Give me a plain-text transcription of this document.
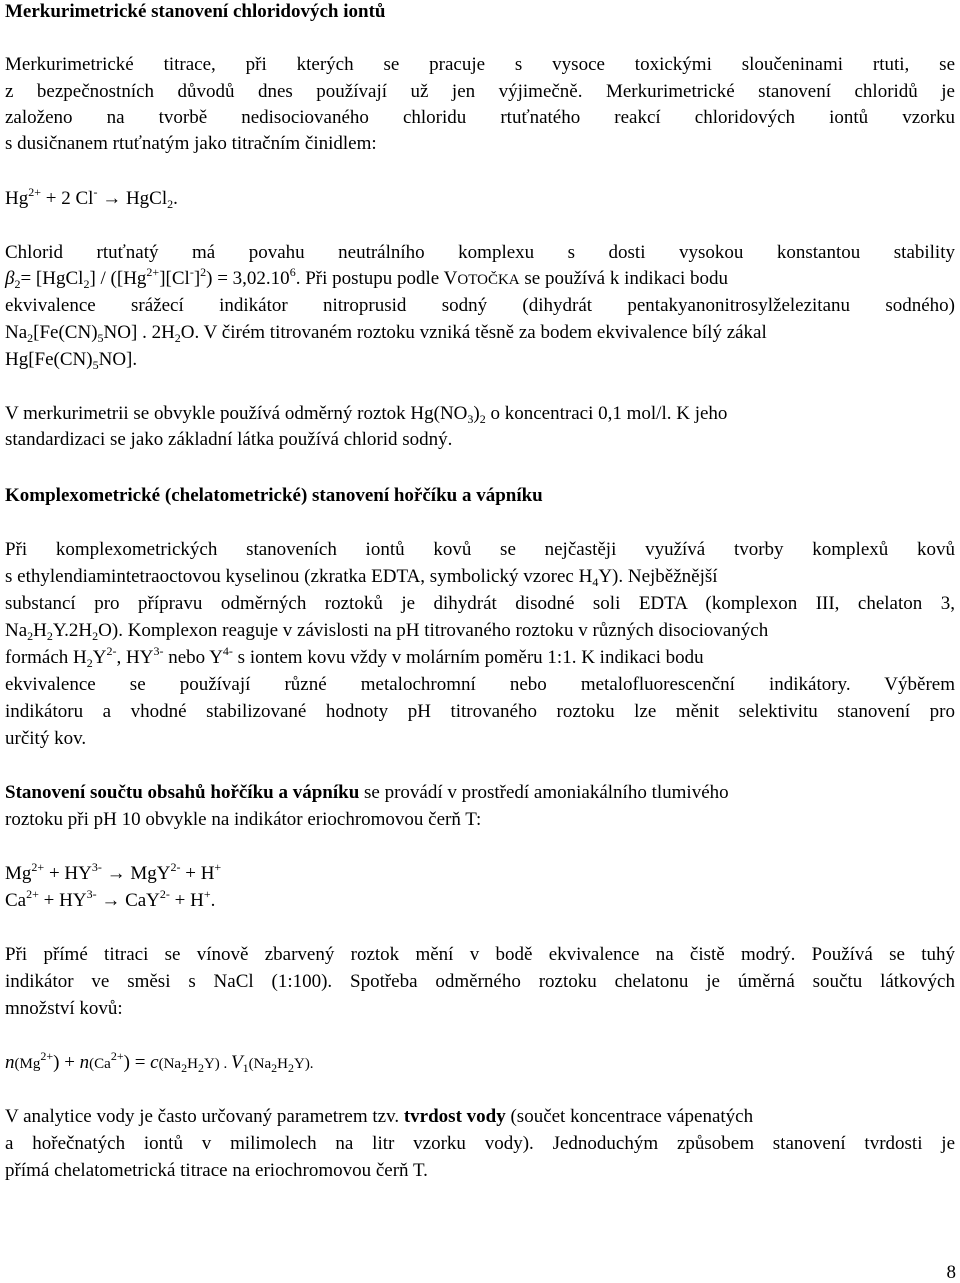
Merkurimetrické stanovení chloridových iontů
Merkurimetrické titrace, při kterých se pracuje s vysoce toxickými sloučeninami rtuti, se
z bezpečnostních důvodů dnes používají už jen výjimečně. Merkurimetrické stanovení chloridů je
založeno na tvorbě nedisociovaného chloridu rtuťnatého reakcí chloridových iontů vzorku
s dusičnanem rtuťnatým jako titračním činidlem:
$Hg^{2+} + 2$ Cl- → HgCl$_2$.
Chlorid rtuťnatý má povahu neutrálního komplexu s dosti vysokou konstantou stability
$\beta_2=$ [HgCl$_2$] / $([Hg^{2+}][Cl^-]^2) = 3,02.10^6$. Při postupu podle VOTOČKA se používá k indikaci bodu
ekvivalence srážecí indikátor nitroprusid sodný (dihydrát pentakyanonitrosylželezitanu sodného)
$Na_2[Fe(CN)_5NO]$ . $2H_2O$. V čirém titrovaném roztoku vzniká těsně za bodem ekvivalence bílý zákal
$Hg[Fe(CN)_5NO]$.
V merkurimetrii se obvykle používá odměrný roztok $Hg(NO_3)_2$ o koncentraci 0,1 mol/l. K jeho
standardizaci se jako základní látka používá chlorid sodný.
Komplexometrické (chelatometrické) stanovení hořčíku a vápníku
Při komplexometrických stanoveních iontů kovů se nejčastěji využívá tvorby komplexů kovů
s ethylendiamintetraoctovou kyselinou (zkratka EDTA, symbolický vzorec $H_4Y$). Nejběžnější
substancí pro přípravu odměrných roztoků je dihydrát disodné soli EDTA (komplexon III, chelaton 3,
$Na_2H_2Y.2H_2O$). Komplexon reaguje v závislosti na pH titrovaného roztoku v různých disociovaných
formách $H_2Y^{2-}$, $HY^{3-}$ nebo $Y^{4-}$ s iontem kovu vždy v molárním poměru 1:1. K indikaci bodu
ekvivalence se používají různé metalochromní nebo metalofluorescenční indikátory. Výběrem
indikátoru a vhodné stabilizované hodnoty pH titrovaného roztoku lze měnit selektivitu stanovení pro
určitý kov.
Stanovení součtu obsahů hořčíku a vápníku se provádí v prostředí amoniakálního tlumivého
roztoku při pH 10 obvykle na indikátor eriochromovou čerň T:
$Mg^{2+} + HY^{3-} \to MgY^{2-} + H^+$
$Ca^{2+} + HY^{3-} \to CaY^{2-} + H^+$.
Při přímé titraci se vínově zbarvený roztok mění v bodě ekvivalence na čistě modrý. Používá se tuhý
indikátor ve směsi s NaCl (1:100). Spotřeba odměrného roztoku chelatonu je úměrná součtu látkových
množství kovů:
$n(Mg^{2+}) + n(Ca^{2+}) = c(Na_2H_2Y)$ . $V_1(Na_2H_2Y)$.
V analytice vody je často určovaný parametrem tzv. tvrdost vody (součet koncentrace vápenatých
a hořečnatých iontů v milimolech na litr vzorku vody). Jednoduchým způsobem stanovení tvrdosti je
přímá chelatometrická titrace na eriochromovou čerň T.
8
